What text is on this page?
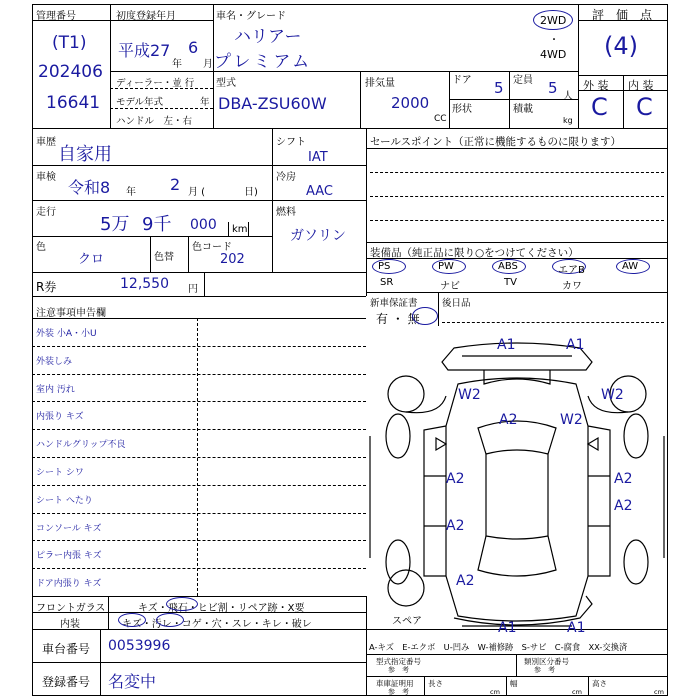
管理番号
(T1)
202406
16641
初度登録年月
平成27
年
6
月
車名・グレード
ハリアー
プレミアム
2WD
・
4WD
評　価　点
(4)
ディーラー・並 行
モデル年式	年
ハンドル　左・右
型式
DBA-ZSU60W
排気量
2000
CC
ドア 5 定員 5 人
形状	積載
kg
外 装 内 装
C C
車歴
自家用
車検
令和8 年 2 月 (	日)
走行
5万 9千 000 km
色
クロ	色替
色コード
202
シフト
IAT
冷房
AAC
燃料
ガソリン
R券	12,550 円
セールスポイント（正常に機能するものに限ります）
装備品（純正品に限り○をつけてください）
PS	PW	ABS	エアB	AW
SR	ナビ	TV	カワ
新車保証書
有 ・ 無
後日品
注意事項申告欄
外装 小A・小U
外装しみ
室内 汚れ
内張り キズ
ハンドルグリップ不良
シート シワ
シート へたり
コンソール キズ
ピラー内張 キズ
ドア内張り キズ
フロントガラス	キズ・飛石・ヒビ割・リペア跡・X要
内装	キズ・汚レ・コゲ・穴・スレ・キレ・破レ
車台番号 0053996
登録番号 名変中
A-キズ　E-エクボ　U-凹み　W-補修跡　S-サビ　C-腐食　XX-交換済
型式指定番号
参　考
類別区分番号
参　考
車庫証明用
参　考
長さ
cm
幅
cm
高さ
cm
スペア
A1	A1
W2	W2
A2	W2
A2	A2
A2
A2
A2
A1	A1
